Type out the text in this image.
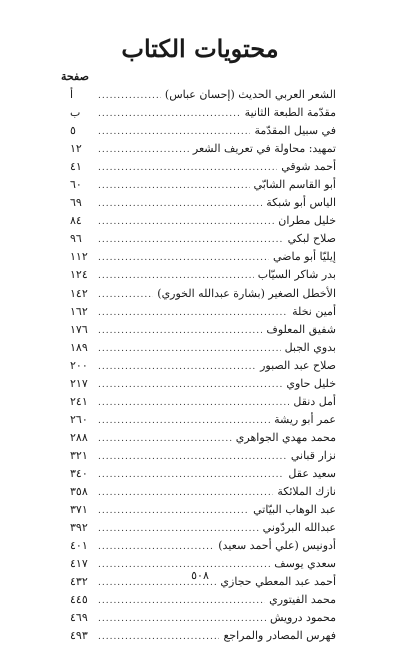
محتويات الكتاب
صفحة
الشعر العربي الحديث (إحسان عباس)
.....
أ
مقدّمة الطبعة الثانية
.....
ب
في سبيل المقدّمة
.....
٥
تمهيد: محاولة في تعريف الشعر
.....
١٢
أحمد شوقي
.....
٤١
أبو القاسم الشابّي
.....
٦٠
الياس أبو شبكة
.....
٦٩
خليل مطران
.....
٨٤
صلاح لبكي
.....
٩٦
إيليّا أبو ماضي
.....
١١٢
بدر شاكر السيّاب
.....
١٢٤
الأخطل الصغير (بشارة عبدالله الخوري)
.....
١٤٢
أمين نخلة
.....
١٦٢
شفيق المعلوف
.....
١٧٦
بدوي الجبل
.....
١٨٩
صلاح عبد الصبور
.....
٢٠٠
خليل حاوي
.....
٢١٧
أمل دنقل
.....
٢٤١
عمر أبو ريشة
.....
٢٦٠
محمد مهدي الجواهري
.....
٢٨٨
نزار قباني
.....
٣٢١
سعيد عقل
.....
٣٤٠
نازك الملائكة
.....
٣٥٨
عبد الوهاب البيّاتي
.....
٣٧١
عبدالله البردّوني
.....
٣٩٢
أدونيس (علي أحمد سعيد)
.....
٤٠١
سعدي يوسف
.....
٤١٧
أحمد عبد المعطي حجازي
.....
٤٣٢
محمد الفيتوري
.....
٤٤٥
محمود درويش
.....
٤٦٩
فهرس المصادر والمراجع
.....
٤٩٣
٥٠٨
